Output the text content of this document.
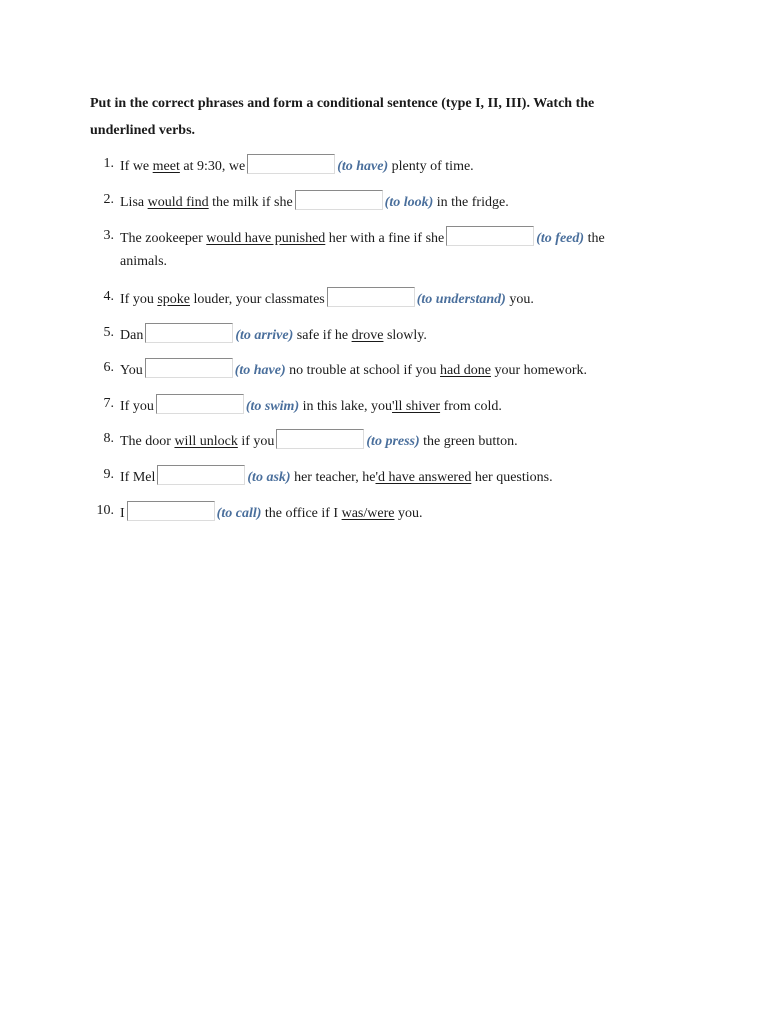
Put in the correct phrases and form a conditional sentence (type I, II, III). Watch the
underlined verbs.
1. If we meet at 9:30, we	(to have) plenty of time.
2. Lisa would find the milk if she	(to look) in the fridge.
3. The zookeeper would have punished her with a fine if she	(to feed) the
animals.
4. If you spoke louder, your classmates	(to understand) you.
5. Dan	(to arrive) safe if he drove slowly.
6. You	(to have) no trouble at school if you had done your homework.
7. If you	(to swim) in this lake, you'll shiver from cold.
8. The door will unlock if you	(to press) the green button.
9. If Mel	(to ask) her teacher, he'd have answered her questions.
10. I	(to call) the office if I was/were you.
